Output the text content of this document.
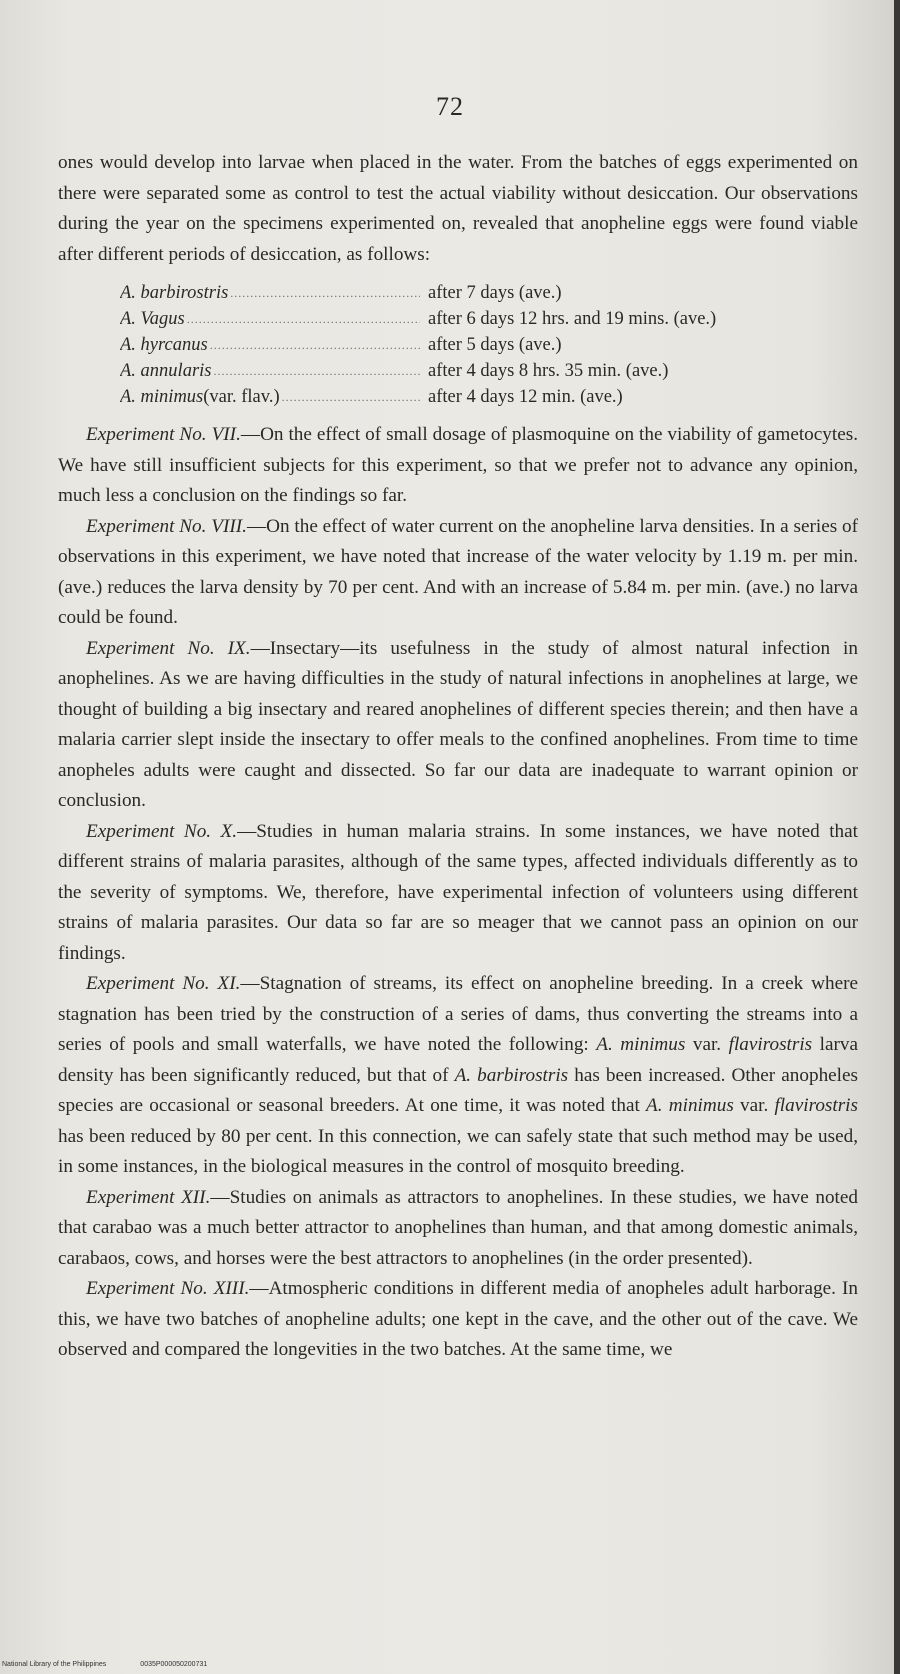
72

ones would develop into larvae when placed in the water. From the batches of eggs experimented on there were separated some as control to test the actual viability without desiccation. Our observations during the year on the specimens experimented on, revealed that anopheline eggs were found viable after different periods of desiccation, as follows:

A. barbirostris .....	after 7 days (ave.)
A. Vagus .....	after 6 days 12 hrs. and 19 mins. (ave.)
A. hyrcanus .....	after 5 days (ave.)
A. annularis .....	after 4 days 8 hrs. 35 min. (ave.)
A. minimus (var. flav.) .....	after 4 days 12 min. (ave.)

Experiment No. VII.—On the effect of small dosage of plasmoquine on the viability of gametocytes. We have still insufficient subjects for this experiment, so that we prefer not to advance any opinion, much less a conclusion on the findings so far.

Experiment No. VIII.—On the effect of water current on the anopheline larva densities. In a series of observations in this experiment, we have noted that increase of the water velocity by 1.19 m. per min. (ave.) reduces the larva density by 70 per cent. And with an increase of 5.84 m. per min. (ave.) no larva could be found.

Experiment No. IX.—Insectary—its usefulness in the study of almost natural infection in anophelines. As we are having difficulties in the study of natural infections in anophelines at large, we thought of building a big insectary and reared anophelines of different species therein; and then have a malaria carrier slept inside the insectary to offer meals to the confined anophelines. From time to time anopheles adults were caught and dissected. So far our data are inadequate to warrant opinion or conclusion.

Experiment No. X.—Studies in human malaria strains. In some instances, we have noted that different strains of malaria parasites, although of the same types, affected individuals differently as to the severity of symptoms. We, therefore, have experimental infection of volunteers using different strains of malaria parasites. Our data so far are so meager that we cannot pass an opinion on our findings.

Experiment No. XI.—Stagnation of streams, its effect on anopheline breeding. In a creek where stagnation has been tried by the construction of a series of dams, thus converting the streams into a series of pools and small waterfalls, we have noted the following: A. minimus var. flavirostris larva density has been significantly reduced, but that of A. barbirostris has been increased. Other anopheles species are occasional or seasonal breeders. At one time, it was noted that A. minimus var. flavirostris has been reduced by 80 per cent. In this connection, we can safely state that such method may be used, in some instances, in the biological measures in the control of mosquito breeding.

Experiment XII.—Studies on animals as attractors to anophelines. In these studies, we have noted that carabao was a much better attractor to anophelines than human, and that among domestic animals, carabaos, cows, and horses were the best attractors to anophelines (in the order presented).

Experiment No. XIII.—Atmospheric conditions in different media of anopheles adult harborage. In this, we have two batches of anopheline adults; one kept in the cave, and the other out of the cave. We observed and compared the longevities in the two batches. At the same time, we

National Library of the Philippines	0035P000050200731
